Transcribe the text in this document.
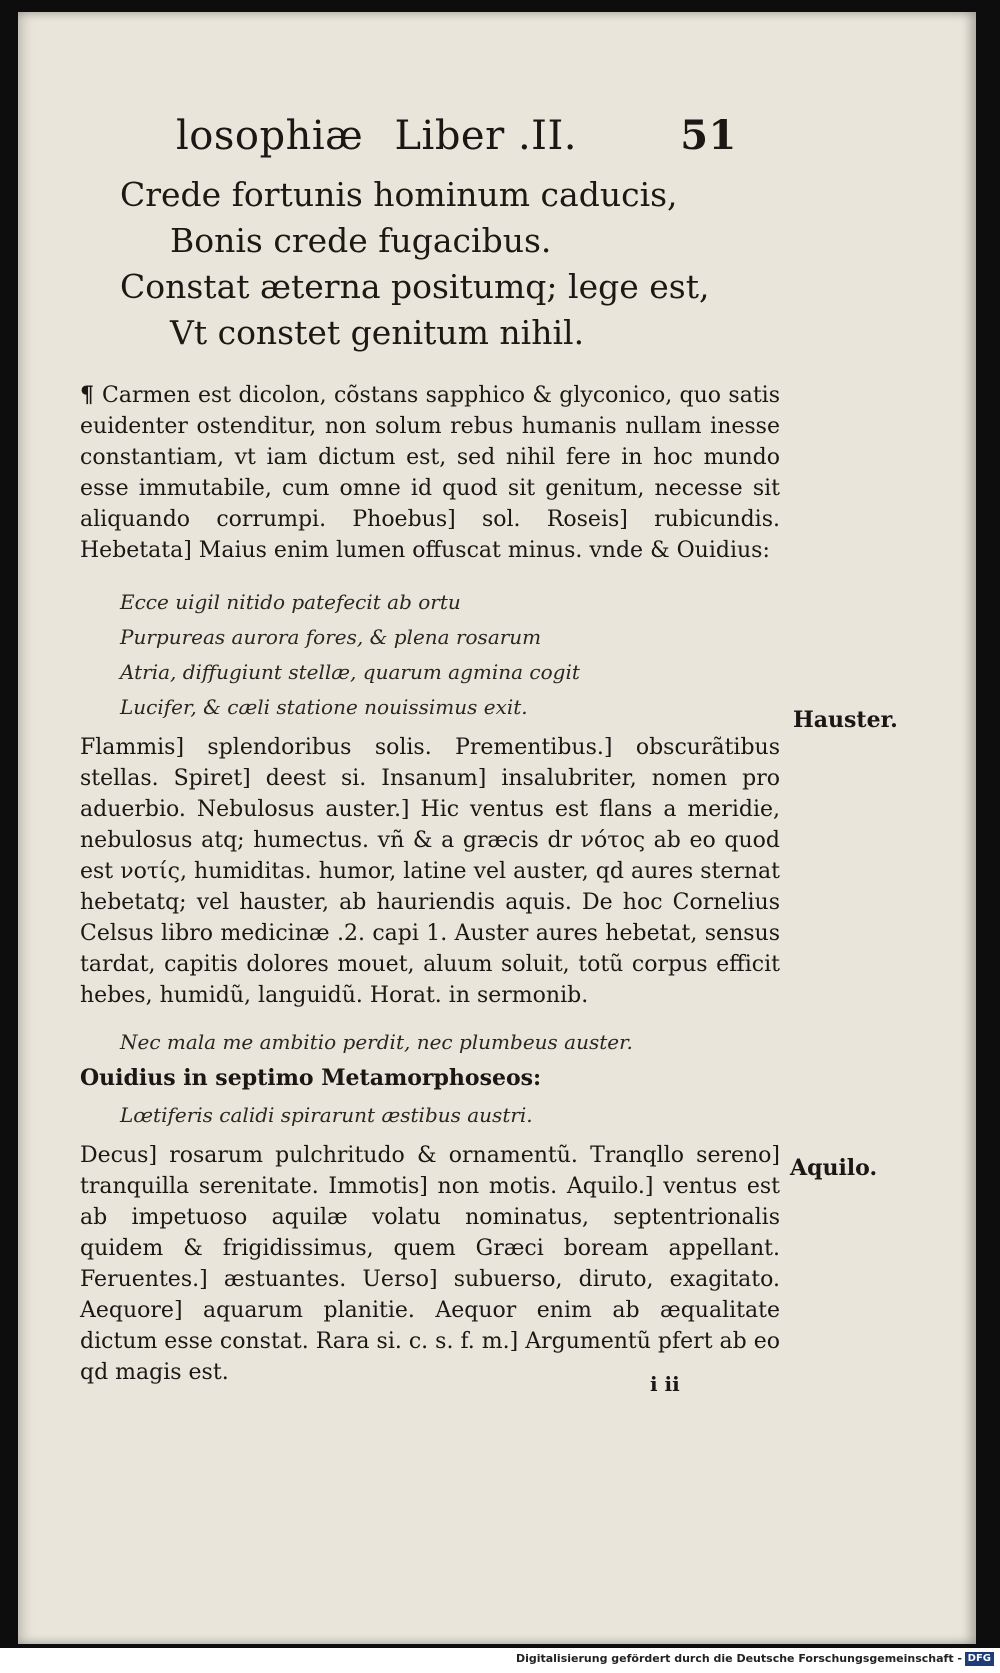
losophiæ Liber .II.	51
Crede fortunis hominum caducis,
Bonis crede fugacibus.
Constat æterna positumq; lege est,
Vt constet genitum nihil.
¶ Carmen est dicolon, cõstans sapphico & glyconico, quo satis euidenter ostenditur, non solum rebus humanis nullam inesse constantiam, vt iam dictum est, sed nihil fere in hoc mundo esse immutabile, cum omne id quod sit genitum, necesse sit aliquando corrumpi. Phoebus] sol. Roseis] rubicundis. Hebetata] Maius enim lumen offuscat minus. vnde & Ouidius:
Ecce uigil nitido patefecit ab ortu
Purpureas aurora fores, & plena rosarum
Atria, diffugiunt stellæ, quarum agmina cogit
Lucifer, & cæli statione nouissimus exit.	Hauster.
Flammis] splendoribus solis. Prementibus.] obscurãtibus stellas. Spiret] deest si. Insanum] insalubriter, nomen pro aduerbio. Nebulosus auster.] Hic ventus est flans a meridie, nebulosus atq; humectus. vñ & a græcis dr νότος ab eo quod est νοτίς, humiditas. humor, latine vel auster, qd aures sternat hebetatq; vel hauster, ab hauriendis aquis. De hoc Cornelius Celsus libro medicinæ .2. capi 1. Auster aures hebetat, sensus tardat, capitis dolores mouet, aluum soluit, totũ corpus efficit hebes, humidũ, languidũ. Horat. in sermonib.
Nec mala me ambitio perdit, nec plumbeus auster.
Ouidius in septimo Metamorphoseos:
Lœtiferis calidi spirarunt æstibus austri.
Aquilo.
Decus] rosarum pulchritudo & ornamentũ. Tranqllo sereno] tranquilla serenitate. Immotis] non motis. Aquilo.] ventus est ab impetuoso aquilæ volatu nominatus, septentrionalis quidem & frigidissimus, quem Græci boream appellant. Feruentes.] æstuantes. Uerso] subuerso, diruto, exagitato. Aequore] aquarum planitie. Aequor enim ab æqualitate dictum esse constat. Rara si. c. s. f. m.] Argumentũ pfert ab eo qd magis est.	i ii
Digitalisierung gefördert durch die Deutsche Forschungsgemeinschaft - DFG
